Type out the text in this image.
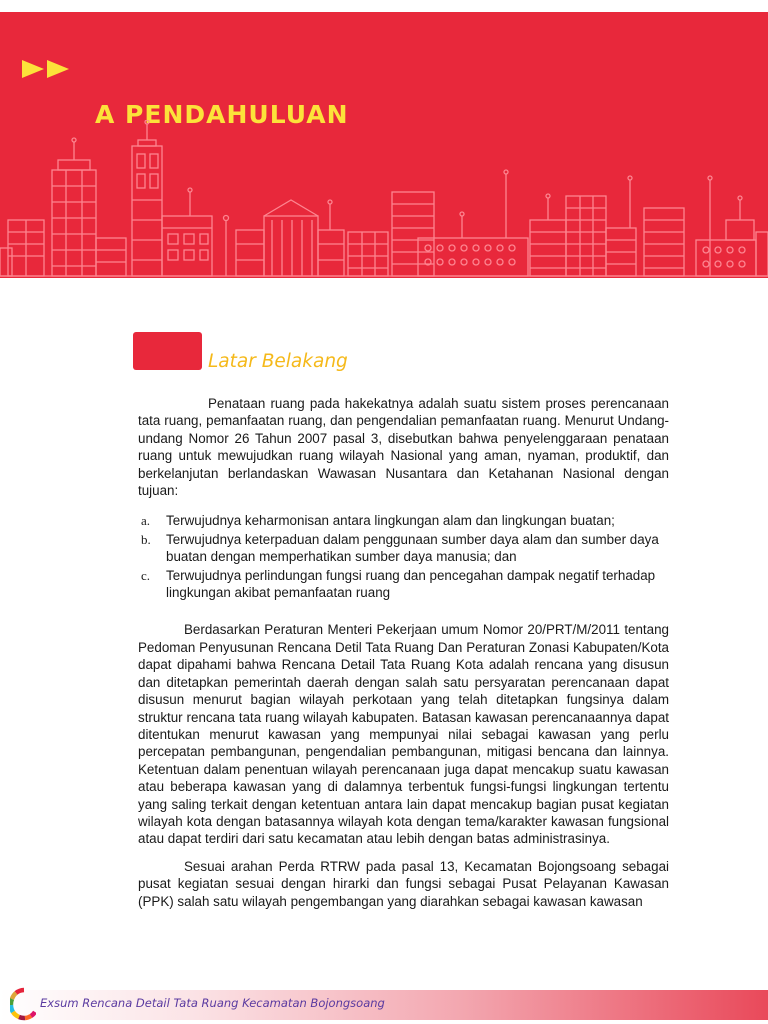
A PENDAHULUAN
Latar Belakang

Penataan ruang pada hakekatnya adalah suatu sistem proses perencanaan tata ruang, pemanfaatan ruang, dan pengendalian pemanfaatan ruang. Menurut Undang-undang Nomor 26 Tahun 2007 pasal 3, disebutkan bahwa penyelenggaraan penataan ruang untuk mewujudkan ruang wilayah Nasional yang aman, nyaman, produktif, dan berkelanjutan berlandaskan Wawasan Nusantara dan Ketahanan Nasional dengan tujuan:

a. Terwujudnya keharmonisan antara lingkungan alam dan lingkungan buatan;
b. Terwujudnya keterpaduan dalam penggunaan sumber daya alam dan sumber daya buatan dengan memperhatikan sumber daya manusia; dan
c. Terwujudnya perlindungan fungsi ruang dan pencegahan dampak negatif terhadap lingkungan akibat pemanfaatan ruang

Berdasarkan Peraturan Menteri Pekerjaan umum Nomor 20/PRT/M/2011 tentang Pedoman Penyusunan Rencana Detil Tata Ruang Dan Peraturan Zonasi Kabupaten/Kota dapat dipahami bahwa Rencana Detail Tata Ruang Kota adalah rencana yang disusun dan ditetapkan pemerintah daerah dengan salah satu persyaratan perencanaan dapat disusun menurut bagian wilayah perkotaan yang telah ditetapkan fungsinya dalam struktur rencana tata ruang wilayah kabupaten. Batasan kawasan perencanaannya dapat ditentukan menurut kawasan yang mempunyai nilai sebagai kawasan yang perlu percepatan pembangunan, pengendalian pembangunan, mitigasi bencana dan lainnya. Ketentuan dalam penentuan wilayah perencanaan juga dapat mencakup suatu kawasan atau beberapa kawasan yang di dalamnya terbentuk fungsi-fungsi lingkungan tertentu yang saling terkait dengan ketentuan antara lain dapat mencakup bagian pusat kegiatan wilayah kota dengan batasannya wilayah kota dengan tema/karakter kawasan fungsional atau dapat terdiri dari satu kecamatan atau lebih dengan batas administrasinya.

Sesuai arahan Perda RTRW pada pasal 13, Kecamatan Bojongsoang sebagai pusat kegiatan sesuai dengan hirarki dan fungsi sebagai Pusat Pelayanan Kawasan (PPK) salah satu wilayah pengembangan yang diarahkan sebagai kawasan kawasan

Exsum Rencana Detail Tata Ruang Kecamatan Bojongsoang
